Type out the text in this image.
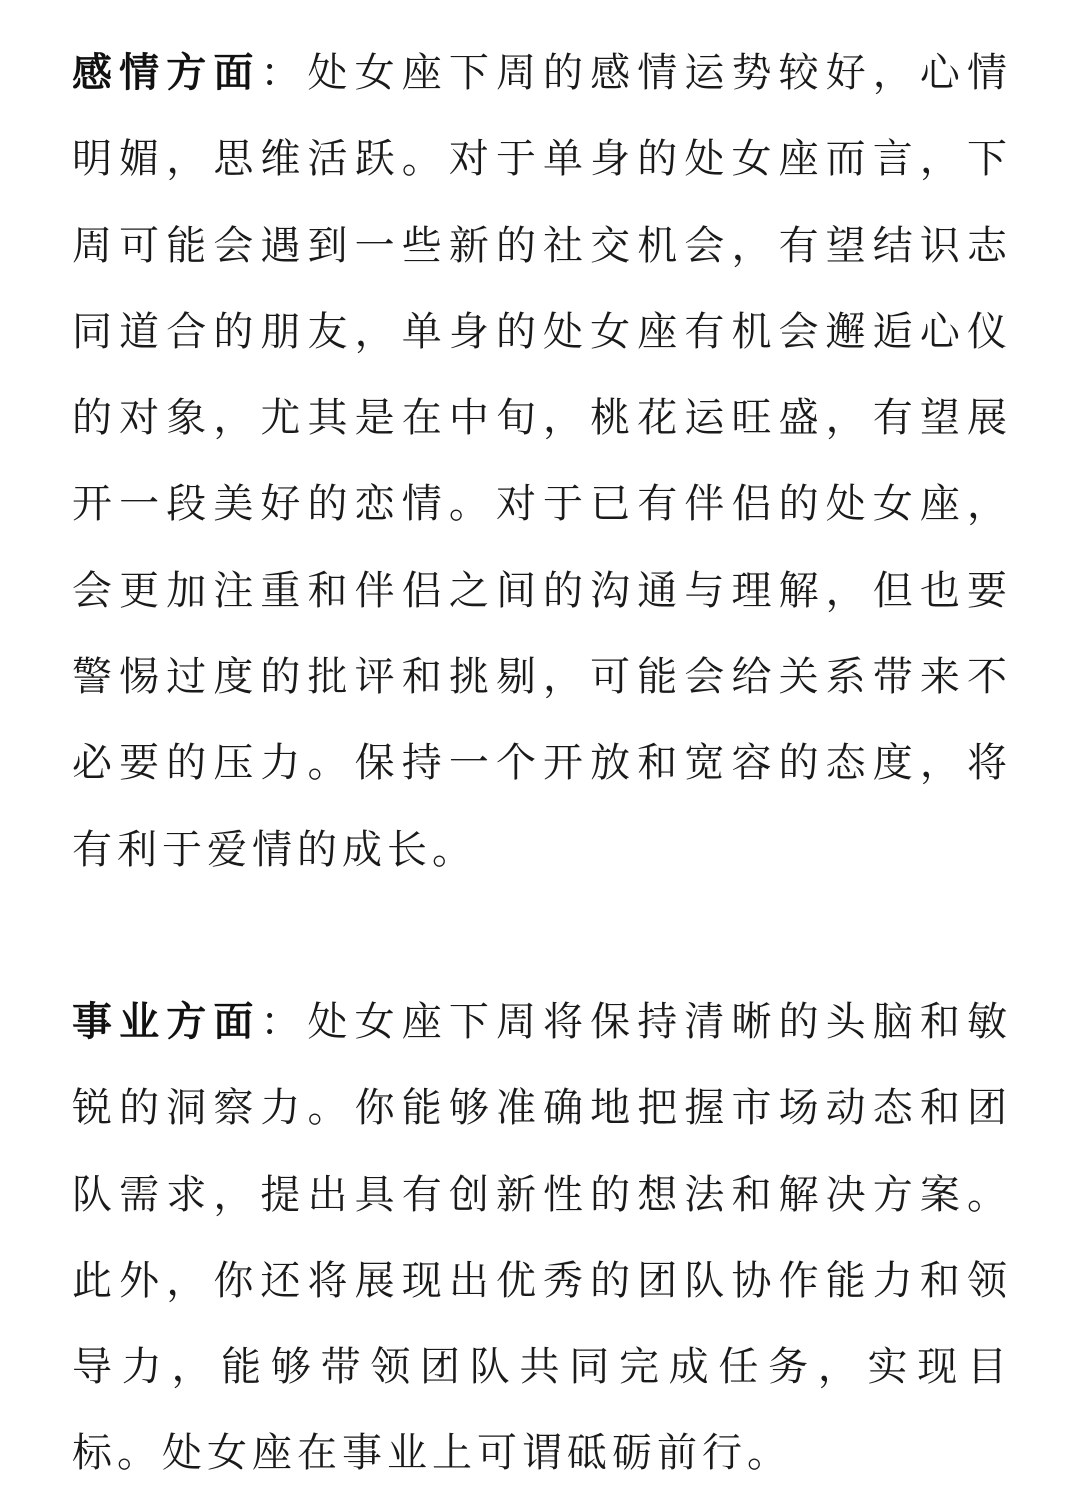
感情方面：处女座下周的感情运势较好，心情明媚，思维活跃。对于单身的处女座而言，下周可能会遇到一些新的社交机会，有望结识志同道合的朋友，单身的处女座有机会邂逅心仪的对象，尤其是在中旬，桃花运旺盛，有望展开一段美好的恋情。对于已有伴侣的处女座，会更加注重和伴侣之间的沟通与理解，但也要警惕过度的批评和挑剔，可能会给关系带来不必要的压力。保持一个开放和宽容的态度，将有利于爱情的成长。

事业方面：处女座下周将保持清晰的头脑和敏锐的洞察力。你能够准确地把握市场动态和团队需求，提出具有创新性的想法和解决方案。此外，你还将展现出优秀的团队协作能力和领导力，能够带领团队共同完成任务，实现目标。处女座在事业上可谓砥砺前行。
